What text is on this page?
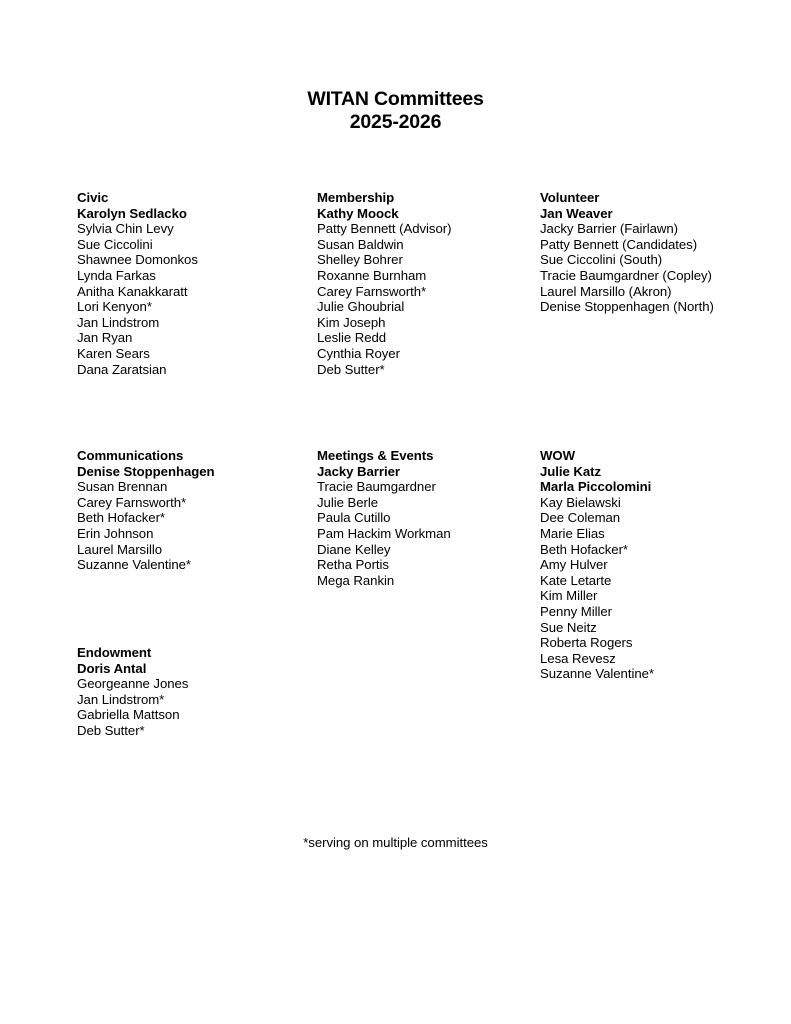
WITAN Committees
2025-2026
Civic
Karolyn Sedlacko
Sylvia Chin Levy
Sue Ciccolini
Shawnee Domonkos
Lynda Farkas
Anitha Kanakkaratt
Lori Kenyon*
Jan Lindstrom
Jan Ryan
Karen Sears
Dana Zaratsian
Communications
Denise Stoppenhagen
Susan Brennan
Carey Farnsworth*
Beth Hofacker*
Erin Johnson
Laurel Marsillo
Suzanne Valentine*
Endowment
Doris Antal
Georgeanne Jones
Jan Lindstrom*
Gabriella Mattson
Deb Sutter*
Membership
Kathy Moock
Patty Bennett (Advisor)
Susan Baldwin
Shelley Bohrer
Roxanne Burnham
Carey Farnsworth*
Julie Ghoubrial
Kim Joseph
Leslie Redd
Cynthia Royer
Deb Sutter*
Meetings & Events
Jacky Barrier
Tracie Baumgardner
Julie Berle
Paula Cutillo
Pam Hackim Workman
Diane Kelley
Retha Portis
Mega Rankin
Volunteer
Jan Weaver
Jacky Barrier (Fairlawn)
Patty Bennett (Candidates)
Sue Ciccolini (South)
Tracie Baumgardner (Copley)
Laurel Marsillo (Akron)
Denise Stoppenhagen (North)
WOW
Julie Katz
Marla Piccolomini
Kay Bielawski
Dee Coleman
Marie Elias
Beth Hofacker*
Amy Hulver
Kate Letarte
Kim Miller
Penny Miller
Sue Neitz
Roberta Rogers
Lesa Revesz
Suzanne Valentine*
*serving on multiple committees
